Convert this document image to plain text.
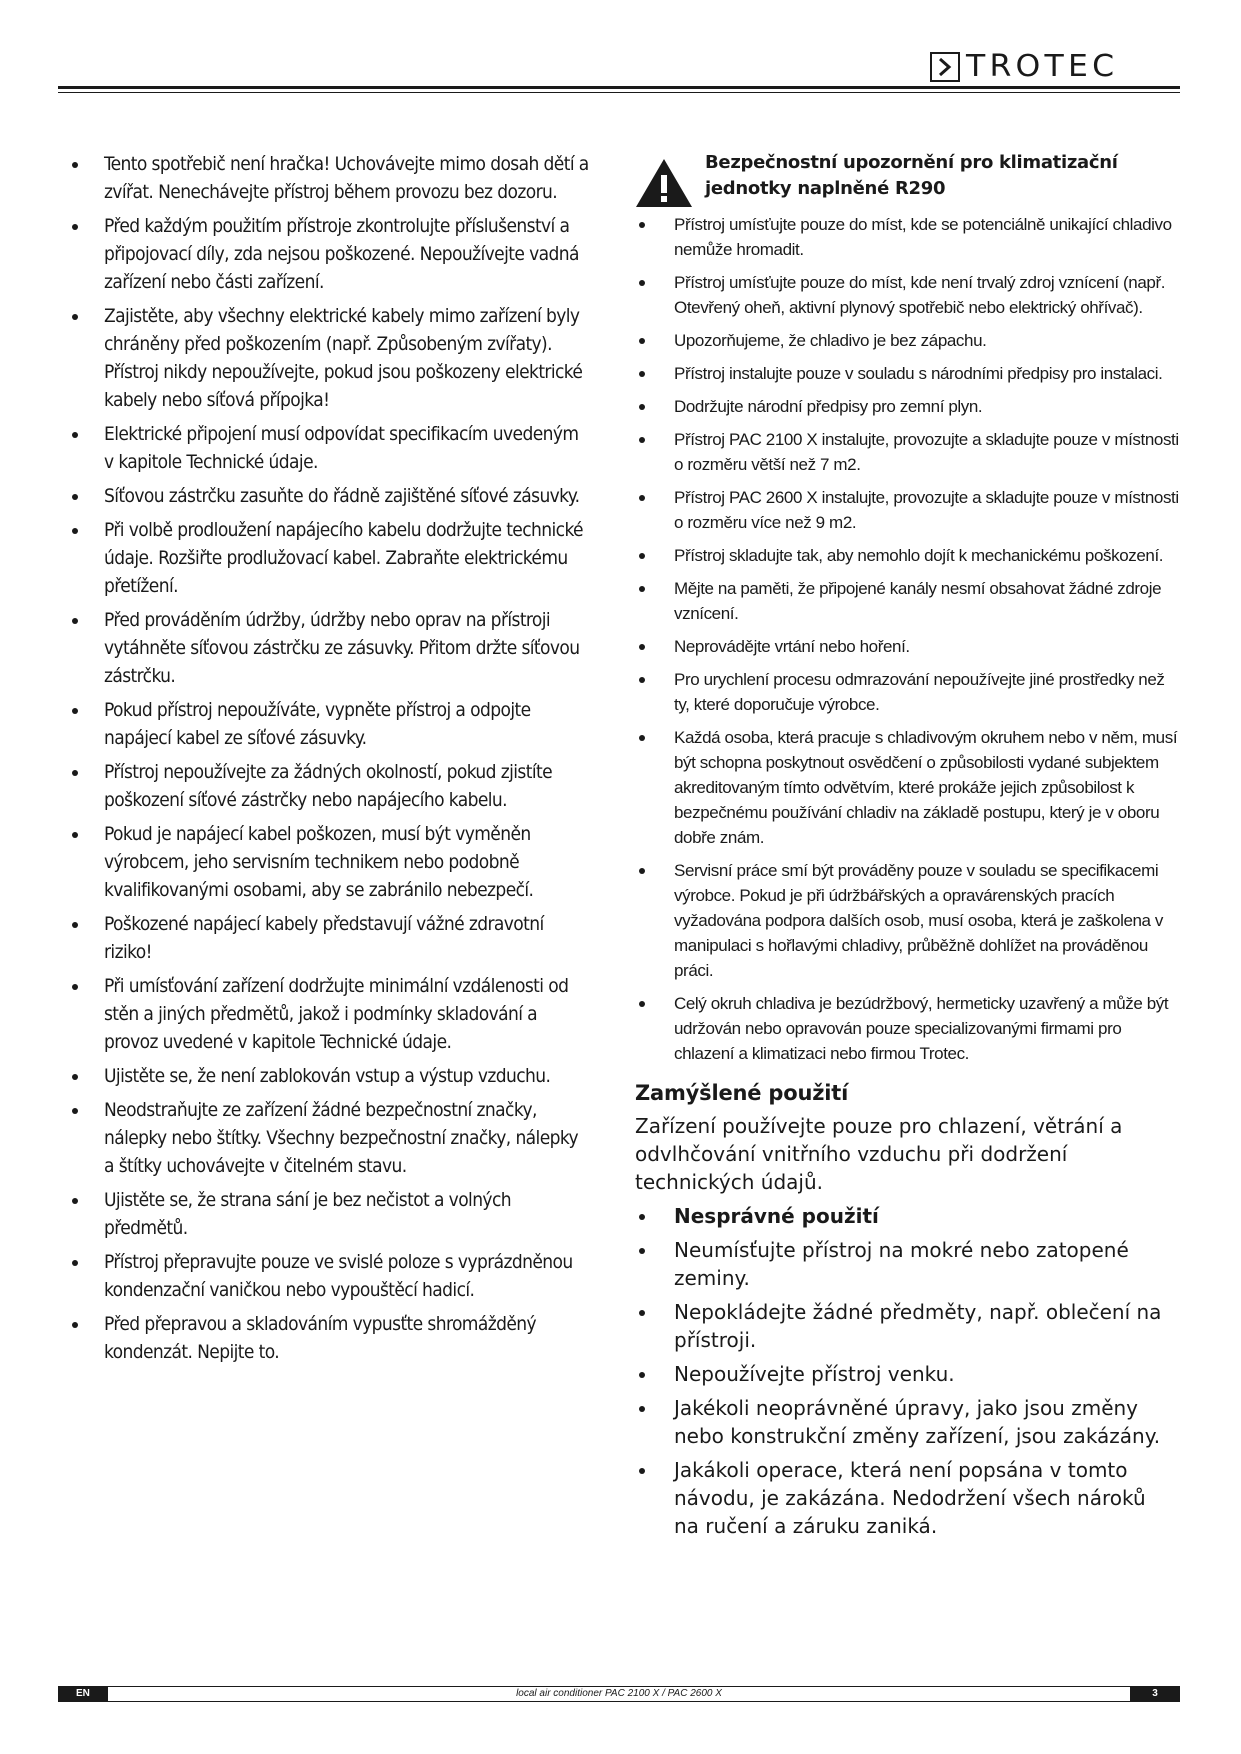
TROTEC
Tento spotřebič není hračka! Uchovávejte mimo dosah dětí a zvířat. Nenechávejte přístroj během provozu bez dozoru.
Před každým použitím přístroje zkontrolujte příslušenství a připojovací díly, zda nejsou poškozené. Nepoužívejte vadná zařízení nebo části zařízení.
Zajistěte, aby všechny elektrické kabely mimo zařízení byly chráněny před poškozením (např. Způsobeným zvířaty). Přístroj nikdy nepoužívejte, pokud jsou poškozeny elektrické kabely nebo síťová přípojka!
Elektrické připojení musí odpovídat specifikacím uvedeným v kapitole Technické údaje.
Síťovou zástrčku zasuňte do řádně zajištěné síťové zásuvky.
Při volbě prodloužení napájecího kabelu dodržujte technické údaje. Rozšiřte prodlužovací kabel. Zabraňte elektrickému přetížení.
Před prováděním údržby, údržby nebo oprav na přístroji vytáhněte síťovou zástrčku ze zásuvky. Přitom držte síťovou zástrčku.
Pokud přístroj nepoužíváte, vypněte přístroj a odpojte napájecí kabel ze síťové zásuvky.
Přístroj nepoužívejte za žádných okolností, pokud zjistíte poškození síťové zástrčky nebo napájecího kabelu.
Pokud je napájecí kabel poškozen, musí být vyměněn výrobcem, jeho servisním technikem nebo podobně kvalifikovanými osobami, aby se zabránilo nebezpečí.
Poškozené napájecí kabely představují vážné zdravotní riziko!
Při umísťování zařízení dodržujte minimální vzdálenosti od stěn a jiných předmětů, jakož i podmínky skladování a provoz uvedené v kapitole Technické údaje.
Ujistěte se, že není zablokován vstup a výstup vzduchu.
Neodstraňujte ze zařízení žádné bezpečnostní značky, nálepky nebo štítky. Všechny bezpečnostní značky, nálepky a štítky uchovávejte v čitelném stavu.
Ujistěte se, že strana sání je bez nečistot a volných předmětů.
Přístroj přepravujte pouze ve svislé poloze s vyprázdněnou kondenzační vaničkou nebo vypouštěcí hadicí.
Před přepravou a skladováním vypusťte shromážděný kondenzát. Nepijte to.
Bezpečnostní upozornění pro klimatizační jednotky naplněné R290
Přístroj umísťujte pouze do míst, kde se potenciálně unikající chladivo nemůže hromadit.
Přístroj umísťujte pouze do míst, kde není trvalý zdroj vznícení (např. Otevřený oheň, aktivní plynový spotřebič nebo elektrický ohřívač).
Upozorňujeme, že chladivo je bez zápachu.
Přístroj instalujte pouze v souladu s národními předpisy pro instalaci.
Dodržujte národní předpisy pro zemní plyn.
Přístroj PAC 2100 X instalujte, provozujte a skladujte pouze v místnosti o rozměru větší než 7 m2.
Přístroj PAC 2600 X instalujte, provozujte a skladujte pouze v místnosti o rozměru více než 9 m2.
Přístroj skladujte tak, aby nemohlo dojít k mechanickému poškození.
Mějte na paměti, že připojené kanály nesmí obsahovat žádné zdroje vznícení.
Neprovádějte vrtání nebo hoření.
Pro urychlení procesu odmrazování nepoužívejte jiné prostředky než ty, které doporučuje výrobce.
Každá osoba, která pracuje s chladivovým okruhem nebo v něm, musí být schopna poskytnout osvědčení o způsobilosti vydané subjektem akreditovaným tímto odvětvím, které prokáže jejich způsobilost k bezpečnému používání chladiv na základě postupu, který je v oboru dobře znám.
Servisní práce smí být prováděny pouze v souladu se specifikacemi výrobce. Pokud je při údržbářských a opravárenských pracích vyžadována podpora dalších osob, musí osoba, která je zaškolena v manipulaci s hořlavými chladivy, průběžně dohlížet na prováděnou práci.
Celý okruh chladiva je bezúdržbový, hermeticky uzavřený a může být udržován nebo opravován pouze specializovanými firmami pro chlazení a klimatizaci nebo firmou Trotec.
Zamýšlené použití

Zařízení používejte pouze pro chlazení, větrání a odvlhčování vnitřního vzduchu při dodržení technických údajů.

Nesprávné použití
Neumísťujte přístroj na mokré nebo zatopené zeminy.
Nepokládejte žádné předměty, např. oblečení na přístroji.
Nepoužívejte přístroj venku.
Jakékoli neoprávněné úpravy, jako jsou změny nebo konstrukční změny zařízení, jsou zakázány.
Jakákoli operace, která není popsána v tomto návodu, je zakázána. Nedodržení všech nároků na ručení a záruku zaniká.
EN	local air conditioner PAC 2100 X / PAC 2600 X	3
